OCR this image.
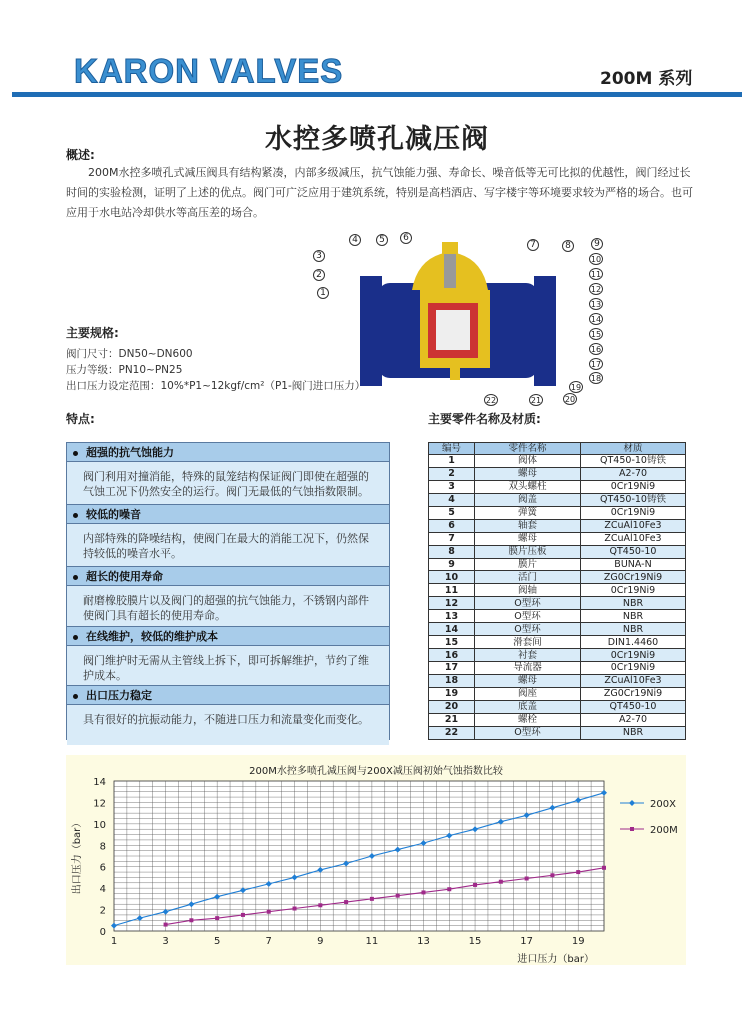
KARON VALVES	200M 系列
水控多喷孔减压阀
概述:
200M水控多喷孔式减压阀具有结构紧凑，内部多级减压，抗气蚀能力强、寿命长、噪音低等无可比拟的优越性，阀门经过长时间的实验检测，证明了上述的优点。阀门可广泛应用于建筑系统，特别是高档酒店、写字楼宇等环境要求较为严格的场合。也可应用于水电站冷却供水等高压差的场合。
1
2
3
4	5	6
7	8	9
10
11
12
13
14
15
16
17
18
19
20
21
22
主要规格:
阀门尺寸：DN50~DN600
压力等级：PN10~PN25
出口压力设定范围：10%*P1~12kgf/cm²（P1-阀门进口压力）
特点:	主要零件名称及材质:
超强的抗气蚀能力
阀门利用对撞消能，特殊的鼠笼结构保证阀门即使在超强的气蚀工况下仍然安全的运行。阀门无最低的气蚀指数限制。
较低的噪音
内部特殊的降噪结构，使阀门在最大的消能工况下，仍然保持较低的噪音水平。
超长的使用寿命
耐磨橡胶膜片以及阀门的超强的抗气蚀能力，不锈钢内部件使阀门具有超长的使用寿命。
在线维护，较低的维护成本
阀门维护时无需从主管线上拆下，即可拆解维护，节约了维护成本。
出口压力稳定
具有很好的抗振动能力，不随进口压力和流量变化而变化。
编号	零件名称	材质
1	阀体	QT450-10铸铁
2	螺母	A2-70
3	双头螺柱	0Cr19Ni9
4	阀盖	QT450-10铸铁
5	弹簧	0Cr19Ni9
6	轴套	ZCuAl10Fe3
7	螺母	ZCuAl10Fe3
8	膜片压板	QT450-10
9	膜片	BUNA-N
10	活门	ZG0Cr19Ni9
11	阀轴	0Cr19Ni9
12	O型环	NBR
13	O型环	NBR
14	O型环	NBR
15	滑套间	DIN1.4460
16	衬套	0Cr19Ni9
17	导流器	0Cr19Ni9
18	螺母	ZCuAl10Fe3
19	阀座	ZG0Cr19Ni9
20	底盖	QT450-10
21	螺栓	A2-70
22	O型环	NBR
200M水控多喷孔减压阀与200X减压阀初始气蚀指数比较
1	3	5	7	9	11	13	15	17	19
0
2
4
6
8
10
12
14
进口压力（bar）
出口压力（bar）
200X
200M
